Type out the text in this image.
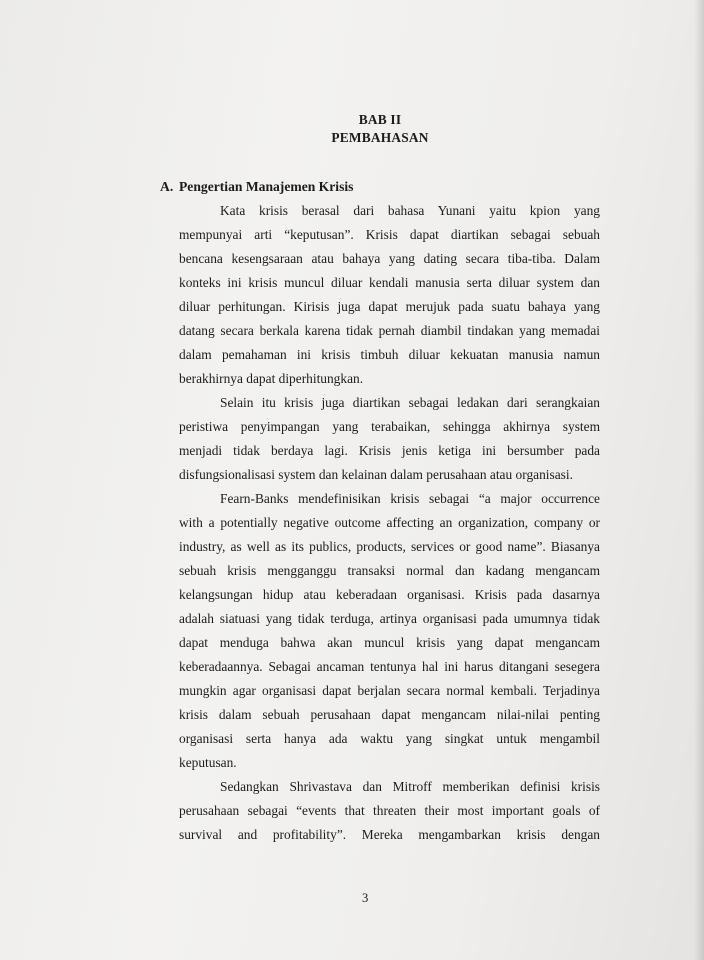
BAB II
PEMBAHASAN
A. Pengertian Manajemen Krisis
Kata krisis berasal dari bahasa Yunani yaitu kpion yang
mempunyai arti “keputusan”. Krisis dapat diartikan sebagai sebuah
bencana kesengsaraan atau bahaya yang dating secara tiba-tiba. Dalam
konteks ini krisis muncul diluar kendali manusia serta diluar system dan
diluar perhitungan. Kirisis juga dapat merujuk pada suatu bahaya yang
datang secara berkala karena tidak pernah diambil tindakan yang memadai
dalam pemahaman ini krisis timbuh diluar kekuatan manusia namun
berakhirnya dapat diperhitungkan.
Selain itu krisis juga diartikan sebagai ledakan dari serangkaian
peristiwa penyimpangan yang terabaikan, sehingga akhirnya system
menjadi tidak berdaya lagi. Krisis jenis ketiga ini bersumber pada
disfungsionalisasi system dan kelainan dalam perusahaan atau organisasi.
Fearn-Banks mendefinisikan krisis sebagai “a major occurrence
with a potentially negative outcome affecting an organization, company or
industry, as well as its publics, products, services or good name”. Biasanya
sebuah krisis mengganggu transaksi normal dan kadang mengancam
kelangsungan hidup atau keberadaan organisasi. Krisis pada dasarnya
adalah siatuasi yang tidak terduga, artinya organisasi pada umumnya tidak
dapat menduga bahwa akan muncul krisis yang dapat mengancam
keberadaannya. Sebagai ancaman tentunya hal ini harus ditangani sesegera
mungkin agar organisasi dapat berjalan secara normal kembali. Terjadinya
krisis dalam sebuah perusahaan dapat mengancam nilai-nilai penting
organisasi serta hanya ada waktu yang singkat untuk mengambil
keputusan.
Sedangkan Shrivastava dan Mitroff memberikan definisi krisis
perusahaan sebagai “events that threaten their most important goals of
survival and profitability”. Mereka mengambarkan krisis dengan
3
